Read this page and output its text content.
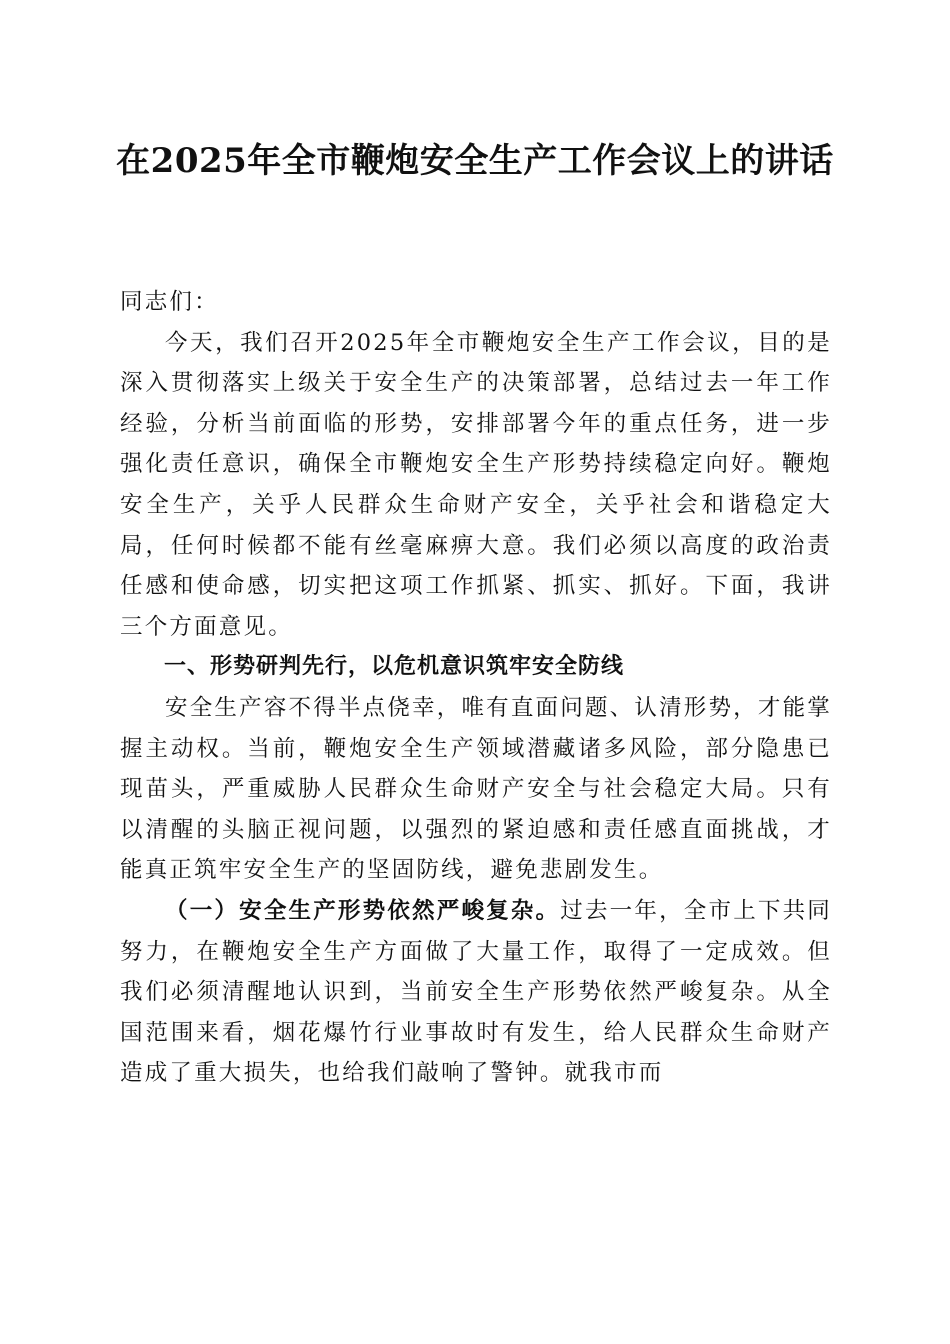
在2025年全市鞭炮安全生产工作会议上的讲话

同志们：

今天，我们召开2025年全市鞭炮安全生产工作会议，目的是深入贯彻落实上级关于安全生产的决策部署，总结过去一年工作经验，分析当前面临的形势，安排部署今年的重点任务，进一步强化责任意识，确保全市鞭炮安全生产形势持续稳定向好。鞭炮安全生产，关乎人民群众生命财产安全，关乎社会和谐稳定大局，任何时候都不能有丝毫麻痹大意。我们必须以高度的政治责任感和使命感，切实把这项工作抓紧、抓实、抓好。下面，我讲三个方面意见。

一、形势研判先行，以危机意识筑牢安全防线

安全生产容不得半点侥幸，唯有直面问题、认清形势，才能掌握主动权。当前，鞭炮安全生产领域潜藏诸多风险，部分隐患已现苗头，严重威胁人民群众生命财产安全与社会稳定大局。只有以清醒的头脑正视问题，以强烈的紧迫感和责任感直面挑战，才能真正筑牢安全生产的坚固防线，避免悲剧发生。

（一）安全生产形势依然严峻复杂。过去一年，全市上下共同努力，在鞭炮安全生产方面做了大量工作，取得了一定成效。但我们必须清醒地认识到，当前安全生产形势依然严峻复杂。从全国范围来看，烟花爆竹行业事故时有发生，给人民群众生命财产造成了重大损失，也给我们敲响了警钟。就我市而
